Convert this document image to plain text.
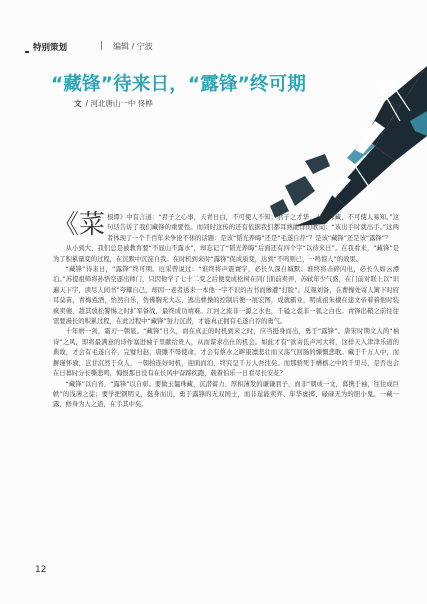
特别策划	| 编辑 / 宁波
“藏锋”待来日，“露锋”终可期
文 / 河北唐山一中 佟桦

《菜根谭》中有言道：“君子之心事，天青日白，不可使人不知；君子之才华，玉韫珠藏，不可使人易知。”这句话告诉了我们藏锋的重要性。而同时这传的还有依据我们都耳熟能详的歌词：“该出手时就出手。”这两者体现了一个千百年来争论不休的话题：是该“韬光养晦”还是“毛遂自荐”？是该“藏锋”还是该“露锋”？

从小到大，我们总是被教育要“不显山不露水”，却忘记了“韬光养晦”后面还有四个字“以待来日”。在我看来，“藏锋”是为了积累量变的过程，在沉默中沉淀自我。在时机到来时“露锋”促成质变，达到“不鸣则已，一鸣惊人”的效果。

“藏锋”待来日，“露锋”终可期。厄采曾说过：“谁终将声震寰宇，必长久深自缄默；谁终将击碎闪电，必长久如云漂泊。”苏提祖师将孙悟空逐出师门，只因他学了七十二变之后便变成松树在同门面前卖弄，苏轼年少气盛，在门前对联上以“识遍天下字，读尽人间书”夸耀自己，却因一老者送来一本他一字不识的古书而惨遭“打脸”。反观刘备，在曹操处寄人篱下时府耳莫苗，青梅煮酒，怡然自乐，仿佛胸无大志，逃出曹操的控制后便一展宏图，成就霸业，明成祖朱棣在建文帝着着他时装疯卖傻，趁其放松警惕之时扩军备战，最终成功靖难。江河之流非一源之水也，千镒之裘非一狐之白也。青锋出鞘之前往往需要漫长的积累过程，在此过程中“藏锋”努力沉潜，才能真正拥有毛遂自荐的勇气。

十年磨一剑，霜刃一朝显。“藏锋”日久，而在真正的时机到来之时，应当挺身而出，勇于“露锋”。唐宋时期文人尚“袖诗”之风，即将最满意的诗作塞进袖子里献给贵人，从而谋求出仕的机会。如此才有“欲寄氐声河大将，这样天入津津乐道的典故，才会有毛遂自荐，完璧归赵，唐雎不辱使命，才会有蔡水之畔康凛悲壮而又荡气回肠的慷慨悲歌。藏于千万人中，而摒瑾怀瑜，岂甘沉然于众人，一朝拍连好时机，迎面而泊，终究呈千万人吾往矣。而那骄死于槽枥之中的千里马，是否也会在日暮时分长嘶悲鸣，悔恨那日没有在长风中奋蹄疾跑，载着伯乐一日看尽长安花？

“藏锋”以自省，“露锋”以自彰。要做玉韫珠藏、沉潜蓄力、厚积薄发的谦谦君子，而非“朝成一文，暮携于袖，往往成巨帙”的浅薄之徒；要学把钢明义，挺身而出，勇于露锋的无双国士，而非逞能卖弄、年华虚掷、碌碌无为的胆小鬼。一藏一露，修身为人之道，在手其中矣。

12
